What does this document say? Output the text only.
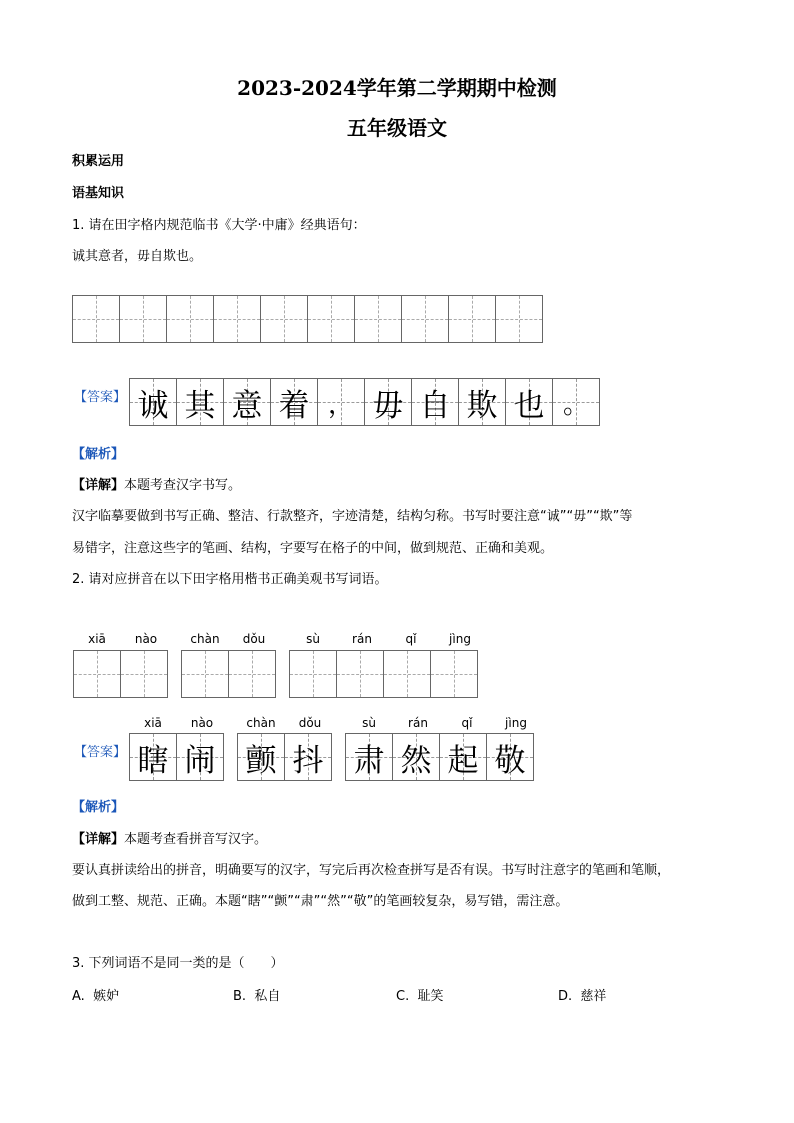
2023-2024学年第二学期期中检测
五年级语文
积累运用
语基知识
1. 请在田字格内规范临书《大学·中庸》经典语句：
诚其意者，毋自欺也。
【答案】 诚 其 意 着 ， 毋 自 欺 也 。
【解析】
【详解】本题考查汉字书写。
汉字临摹要做到书写正确、整洁、行款整齐，字迹清楚，结构匀称。书写时要注意“诚”“毋”“欺”等
易错字，注意这些字的笔画、结构，字要写在格子的中间，做到规范、正确和美观。
2. 请对应拼音在以下田字格用楷书正确美观书写词语。
xiā	nào	chàn	dǒu	sù	rán	qǐ	jìng
xiā	nào	chàn	dǒu	sù	rán	qǐ	jìng
【答案】 瞎 闹 颤 抖 肃 然 起 敬
【解析】
【详解】本题考查看拼音写汉字。
要认真拼读给出的拼音，明确要写的汉字，写完后再次检查拼写是否有误。书写时注意字的笔画和笔顺，
做到工整、规范、正确。本题“瞎”“颤”“肃”“然”“敬”的笔画较复杂，易写错，需注意。
3. 下列词语不是同一类的是（　　）
A. 嫉妒	B. 私自	C. 耻笑	D. 慈祥
